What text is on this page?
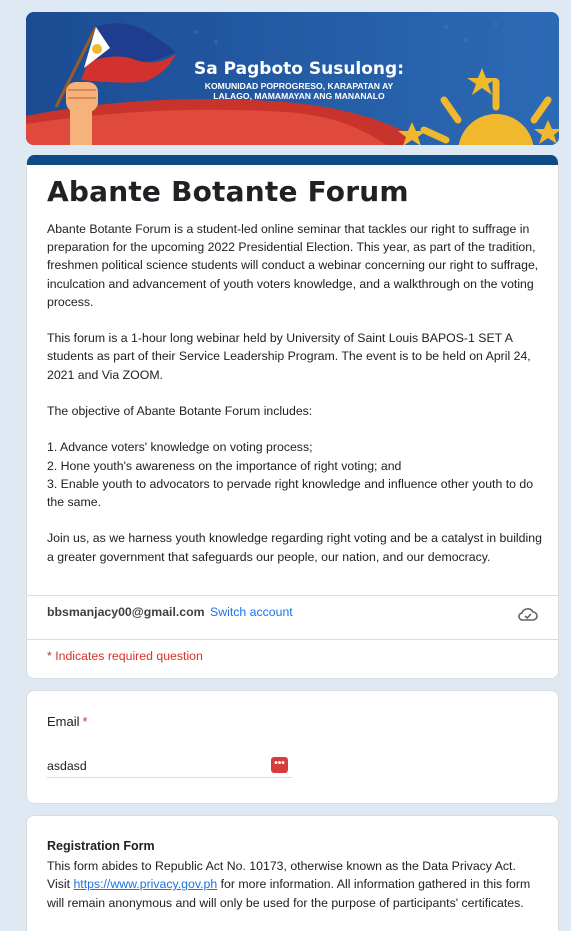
Sa Pagboto Susulong:
KOMUNIDAD POPROGRESO, KARAPATAN AY
LALAGO, MAMAMAYAN ANG MANANALO
Abante Botante Forum

Abante Botante Forum is a student-led online seminar that tackles our right to suffrage in preparation for the upcoming 2022 Presidential Election. This year, as part of the tradition, freshmen political science students will conduct a webinar concerning our right to suffrage, inculcation and advancement of youth voters knowledge, and a walkthrough on the voting process.

This forum is a 1-hour long webinar held by University of Saint Louis BAPOS-1 SET A students as part of their Service Leadership Program. The event is to be held on April 24, 2021 and Via ZOOM.

The objective of Abante Botante Forum includes:

1. Advance voters' knowledge on voting process;
2. Hone youth's awareness on the importance of right voting; and

3. Enable youth to advocators to pervade right knowledge and influence other youth to do the same.

Join us, as we harness youth knowledge regarding right voting and be a catalyst in building a greater government that safeguards our people, our nation, and our democracy.

bbsmanjacy00@gmail.com Switch account
* Indicates required question
Email *
asdasd
•••
Registration Form
This form abides to Republic Act No. 10173, otherwise known as the Data Privacy Act. Visit https://www.privacy.gov.ph for more information. All information gathered in this form will remain anonymous and will only be used for the purpose of participants' certificates.
